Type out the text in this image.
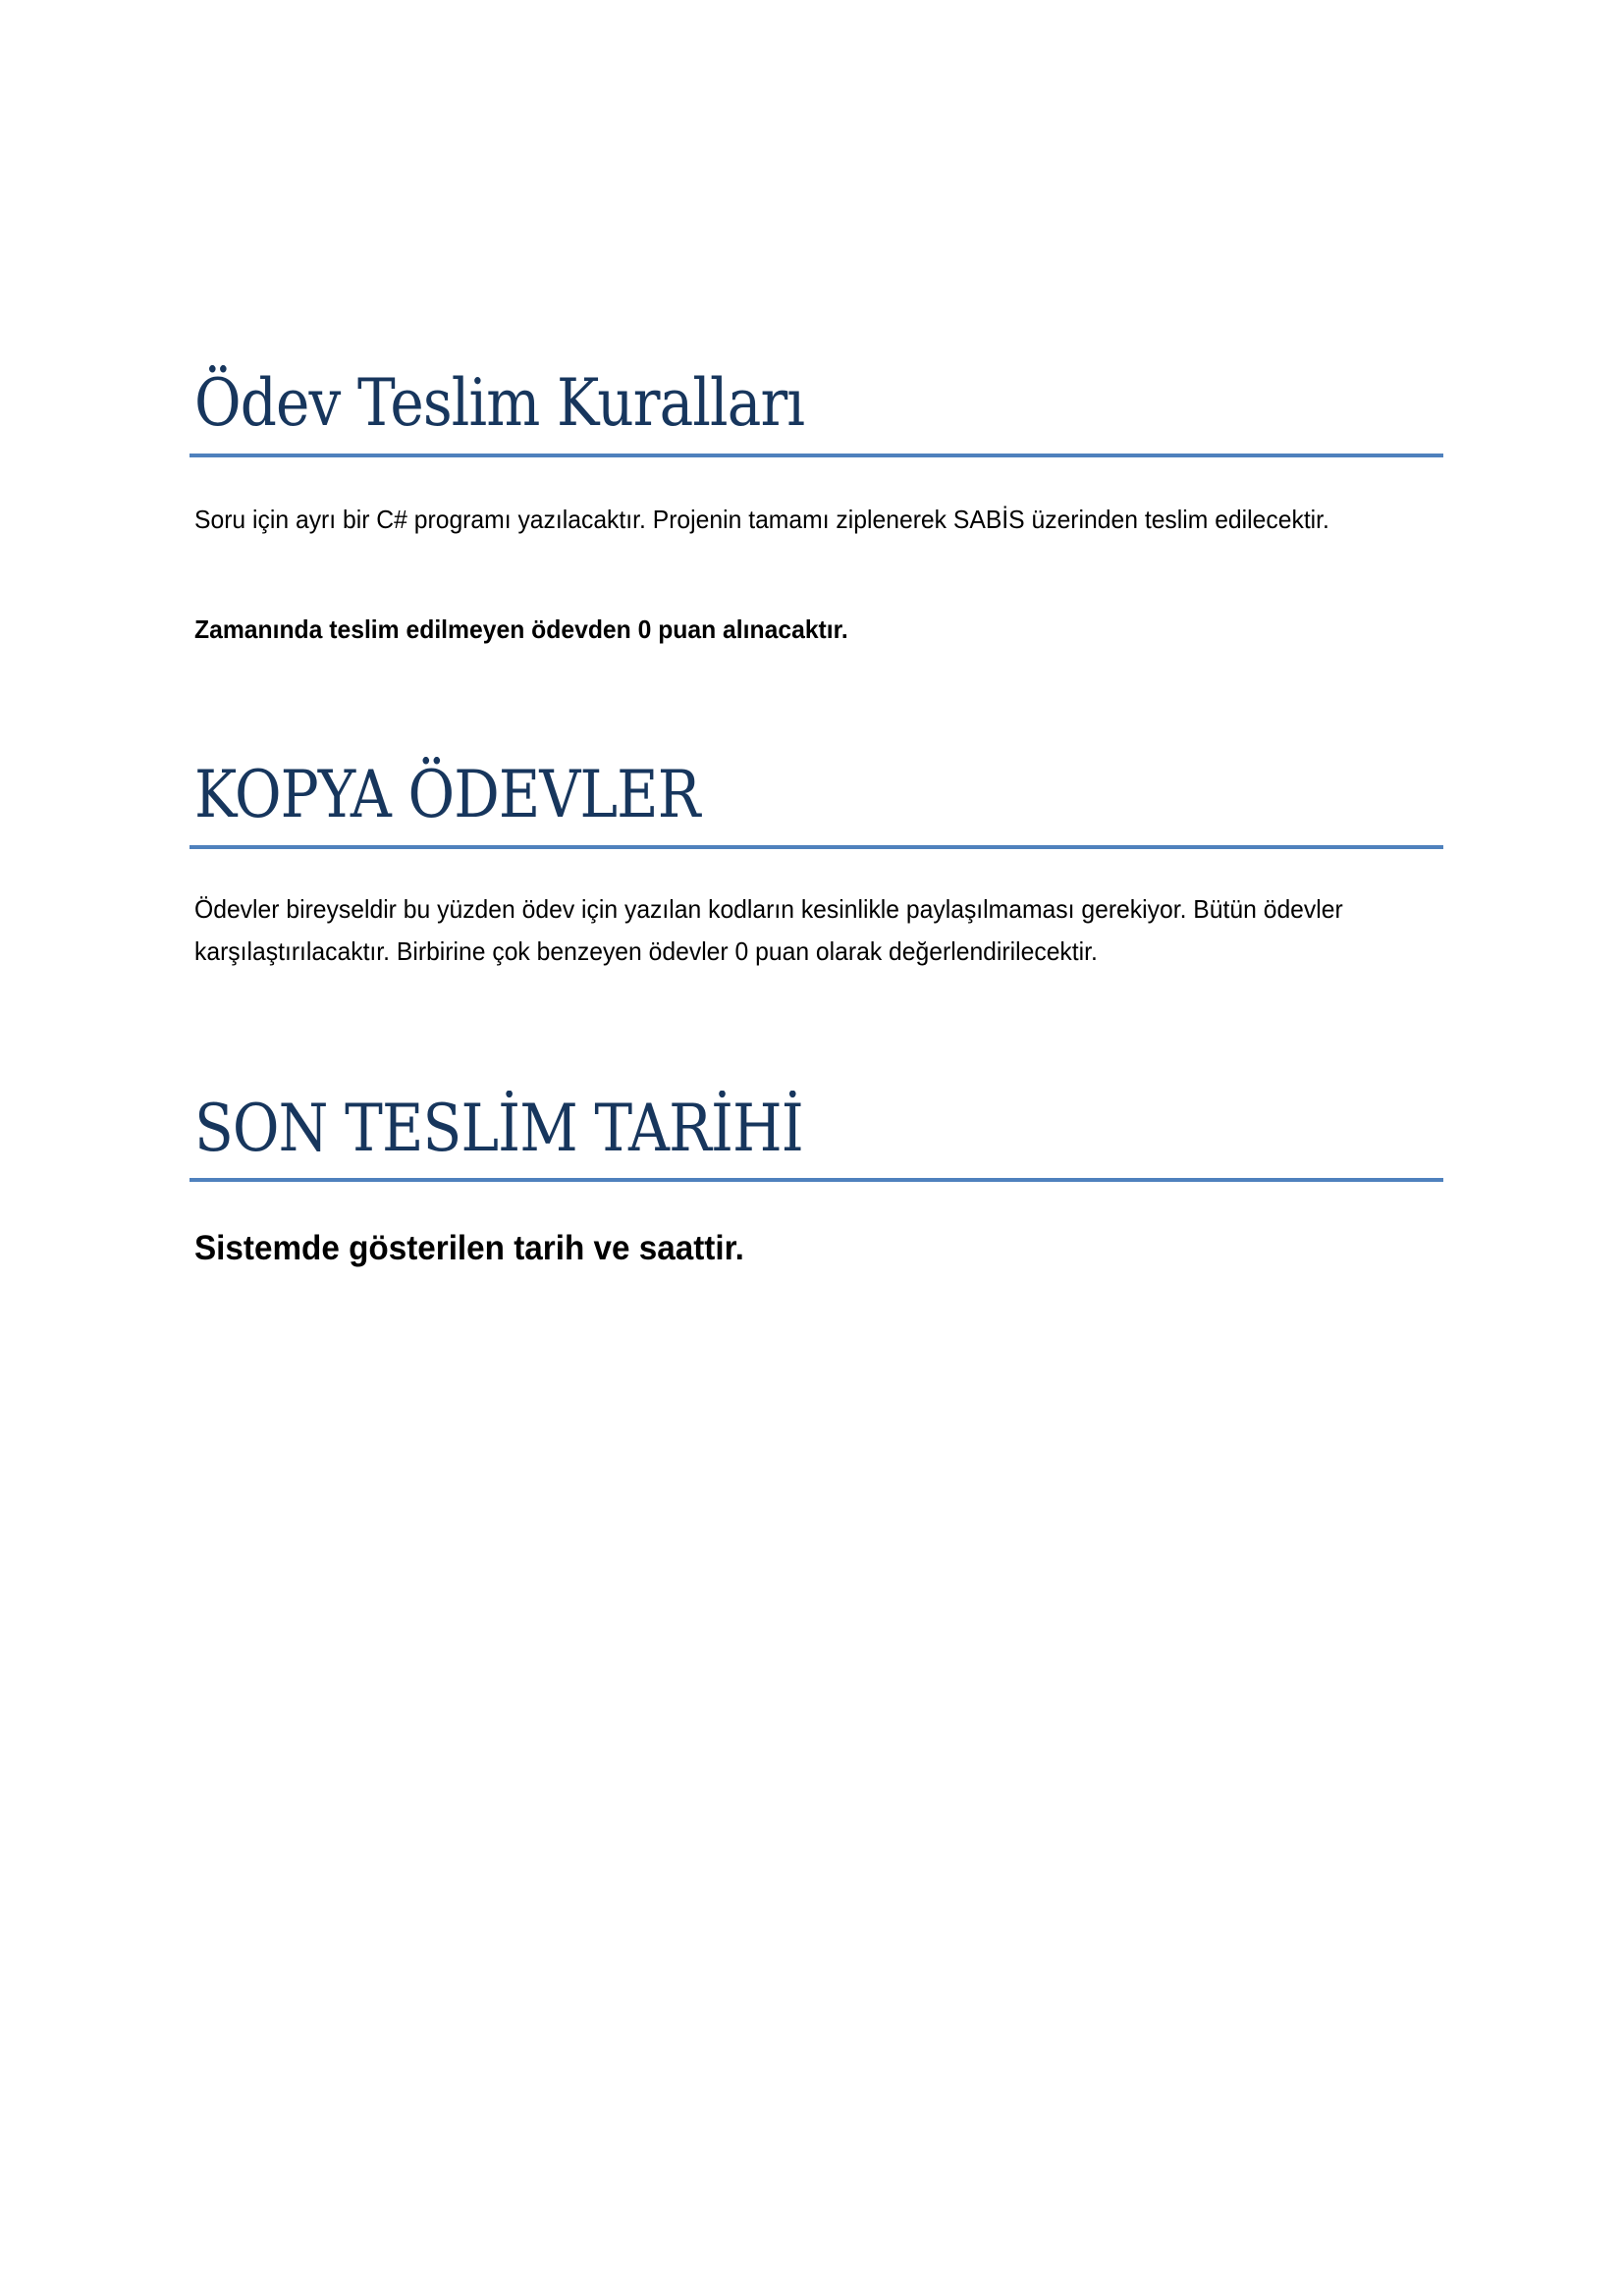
Ödev Teslim Kuralları

Soru için ayrı bir C# programı yazılacaktır. Projenin tamamı ziplenerek SABİS üzerinden teslim edilecektir.

Zamanında teslim edilmeyen ödevden 0 puan alınacaktır.

KOPYA ÖDEVLER

Ödevler bireyseldir bu yüzden ödev için yazılan kodların kesinlikle paylaşılmaması gerekiyor. Bütün ödevler karşılaştırılacaktır. Birbirine çok benzeyen ödevler 0 puan olarak değerlendirilecektir.

SON TESLİM TARİHİ

Sistemde gösterilen tarih ve saattir.
